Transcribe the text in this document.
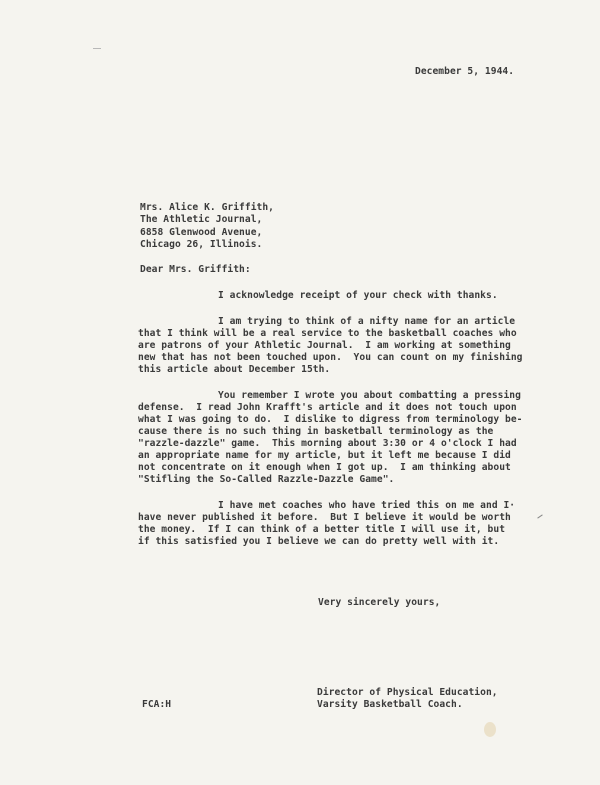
December 5, 1944.
Mrs. Alice K. Griffith,
The Athletic Journal,
6858 Glenwood Avenue,
Chicago 26, Illinois.
Dear Mrs. Griffith:
I acknowledge receipt of your check with thanks.
I am trying to think of a nifty name for an article
that I think will be a real service to the basketball coaches who
are patrons of your Athletic Journal.  I am working at something
new that has not been touched upon.  You can count on my finishing
this article about December 15th.
You remember I wrote you about combatting a pressing
defense.  I read John Krafft's article and it does not touch upon
what I was going to do.  I dislike to digress from terminology be-
cause there is no such thing in basketball terminology as the
"razzle-dazzle" game.  This morning about 3:30 or 4 o'clock I had
an appropriate name for my article, but it left me because I did
not concentrate on it enough when I got up.  I am thinking about
"Stifling the So-Called Razzle-Dazzle Game".
I have met coaches who have tried this on me and I·
have never published it before.  But I believe it would be worth
the money.  If I can think of a better title I will use it, but
if this satisfied you I believe we can do pretty well with it.
Very sincerely yours,
Director of Physical Education,
Varsity Basketball Coach.
FCA:H
